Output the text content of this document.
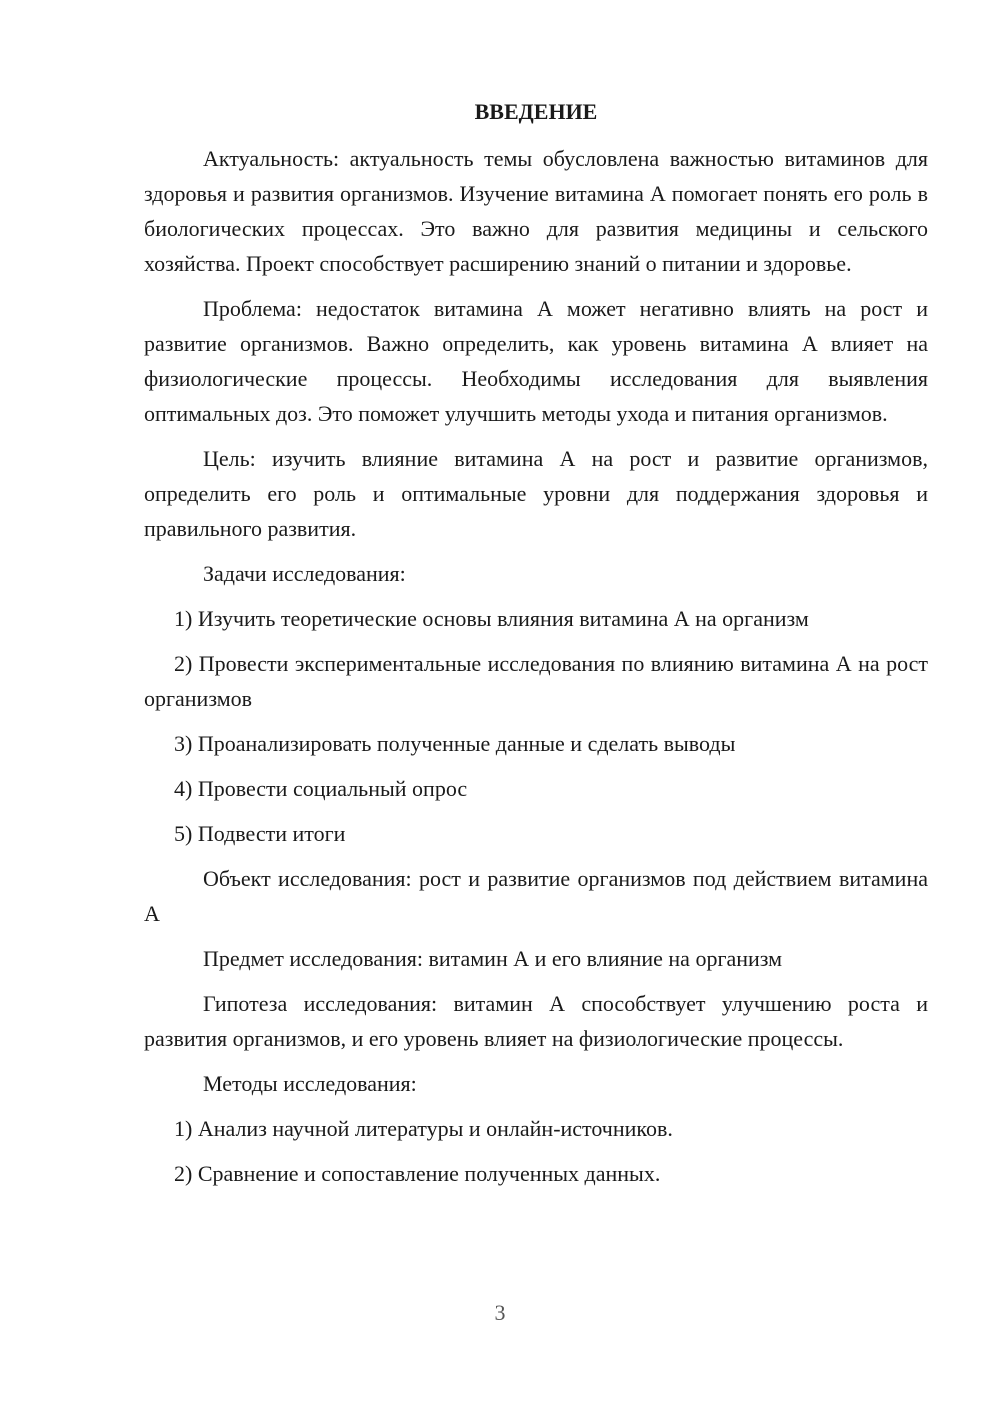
ВВЕДЕНИЕ

Актуальность: актуальность темы обусловлена важностью витаминов для здоровья и развития организмов. Изучение витамина А помогает понять его роль в биологических процессах. Это важно для развития медицины и сельского хозяйства. Проект способствует расширению знаний о питании и здоровье.

Проблема: недостаток витамина А может негативно влиять на рост и развитие организмов. Важно определить, как уровень витамина А влияет на физиологические процессы. Необходимы исследования для выявления оптимальных доз. Это поможет улучшить методы ухода и питания организмов.

Цель: изучить влияние витамина А на рост и развитие организмов, определить его роль и оптимальные уровни для поддержания здоровья и правильного развития.

Задачи исследования:

1) Изучить теоретические основы влияния витамина А на организм

2) Провести экспериментальные исследования по влиянию витамина А на рост организмов

3) Проанализировать полученные данные и сделать выводы

4) Провести социальный опрос

5) Подвести итоги

Объект исследования: рост и развитие организмов под действием витамина А

Предмет исследования: витамин А и его влияние на организм

Гипотеза исследования: витамин А способствует улучшению роста и развития организмов, и его уровень влияет на физиологические процессы.

Методы исследования:

1) Анализ научной литературы и онлайн-источников.

2) Сравнение и сопоставление полученных данных.

3
